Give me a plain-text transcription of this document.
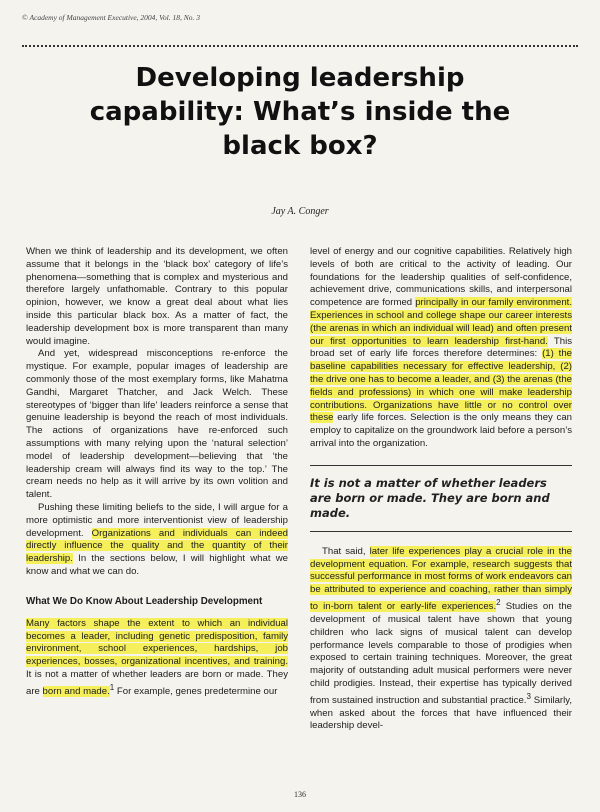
© Academy of Management Executive, 2004, Vol. 18, No. 3
Developing leadership capability: What’s inside the black box?
Jay A. Conger

When we think of leadership and its development, we often assume that it belongs in the ‘black box’ category of life’s phenomena—something that is complex and mysterious and therefore largely unfathomable. Contrary to this popular opinion, however, we know a great deal about what lies inside this particular black box. As a matter of fact, the leadership development box is more transparent than many would imagine.

And yet, widespread misconceptions re-enforce the mystique. For example, popular images of leadership are commonly those of the most exemplary forms, like Mahatma Gandhi, Margaret Thatcher, and Jack Welch. These stereotypes of ‘bigger than life’ leaders reinforce a sense that genuine leadership is beyond the reach of most individuals. The actions of organizations have re-enforced such assumptions with many relying upon the ‘natural selection’ model of leadership development—believing that ‘the leadership cream will always find its way to the top.’ The cream needs no help as it will arrive by its own volition and talent.

Pushing these limiting beliefs to the side, I will argue for a more optimistic and more interventionist view of leadership development. Organizations and individuals can indeed directly influence the quality and the quantity of their leadership. In the sections below, I will highlight what we know and what we can do.

What We Do Know About Leadership Development

Many factors shape the extent to which an individual becomes a leader, including genetic predisposition, family environment, school experiences, hardships, job experiences, bosses, organizational incentives, and training. It is not a matter of whether leaders are born or made. They are born and made.$^1$ For example, genes predetermine our

level of energy and our cognitive capabilities. Relatively high levels of both are critical to the activity of leading. Our foundations for the leadership qualities of self-confidence, achievement drive, communications skills, and interpersonal competence are formed principally in our family environment. Experiences in school and college shape our career interests (the arenas in which an individual will lead) and often present our first opportunities to learn leadership first-hand. This broad set of early life forces therefore determines: (1) the baseline capabilities necessary for effective leadership, (2) the drive one has to become a leader, and (3) the arenas (the fields and professions) in which one will make leadership contributions. Organizations have little or no control over these early life forces. Selection is the only means they can employ to capitalize on the groundwork laid before a person’s arrival into the organization.

It is not a matter of whether leaders are born or made. They are born and made.

That said, later life experiences play a crucial role in the development equation. For example, research suggests that successful performance in most forms of work endeavors can be attributed to experience and coaching, rather than simply to in-born talent or early-life experiences.$^2$ Studies on the development of musical talent have shown that young children who lack signs of musical talent can develop performance levels comparable to those of prodigies when exposed to certain training techniques. Moreover, the great majority of outstanding adult musical performers were never child prodigies. Instead, their expertise has typically derived from sustained instruction and substantial practice.$^3$ Similarly, when asked about the forces that have influenced their leadership devel-

136
